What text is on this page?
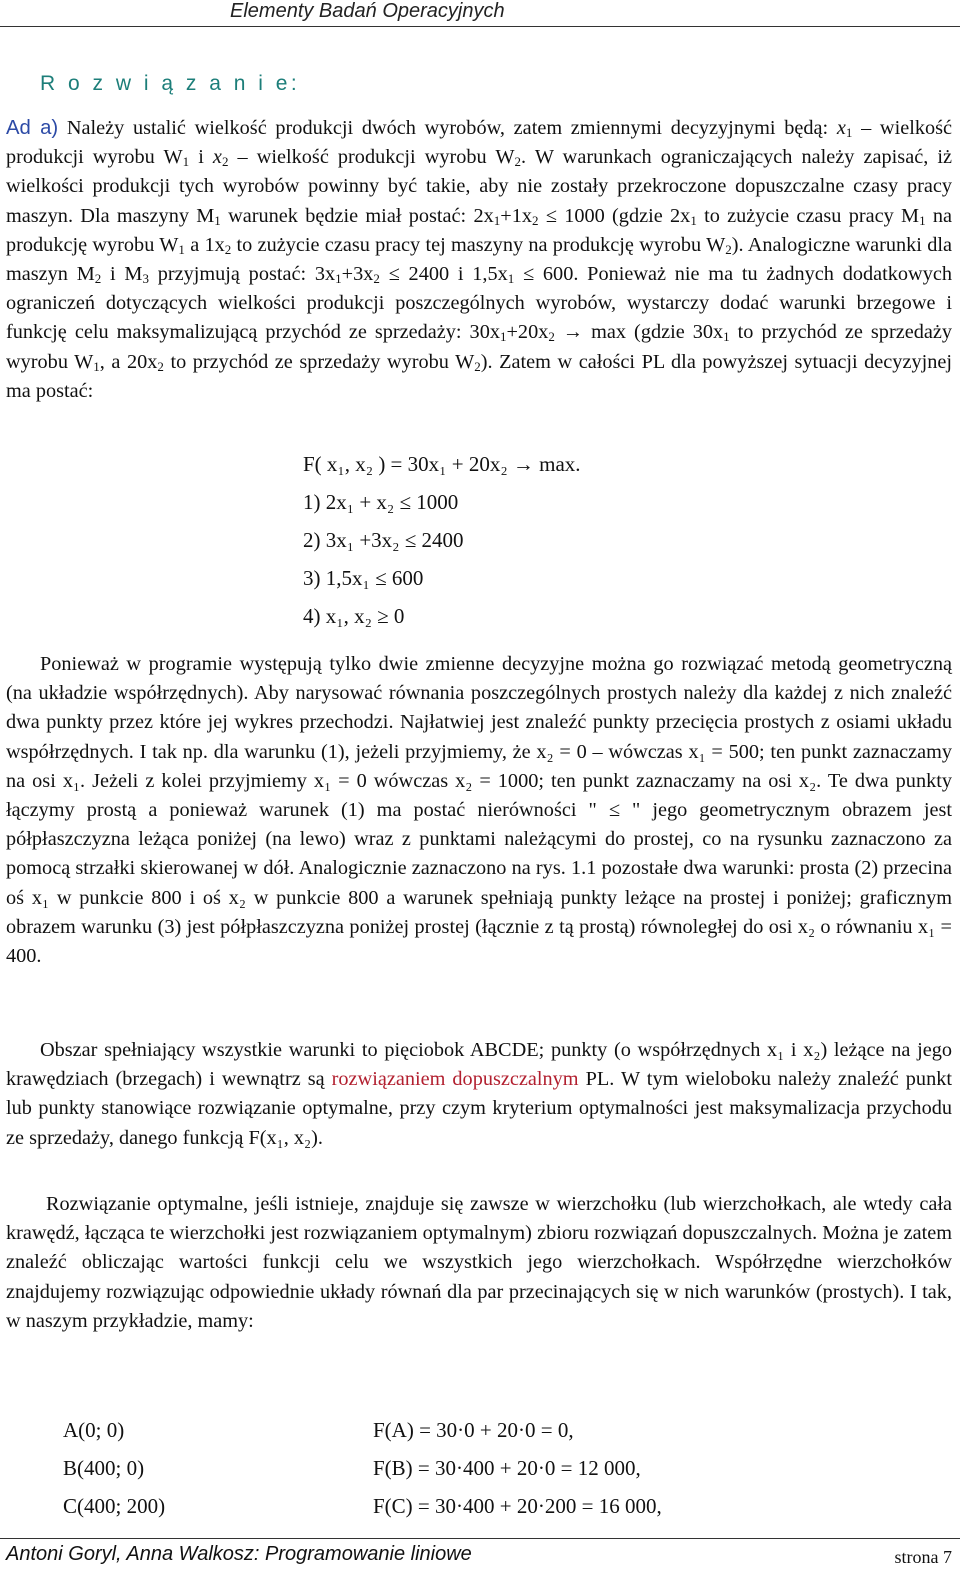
Elementy Badań Operacyjnych
R o z w i ą z a n i e:
Ad a) Należy ustalić wielkość produkcji dwóch wyrobów, zatem zmiennymi decyzyjnymi będą: $x_1$ – wielkość produkcji wyrobu $W_1$ i $x_2$ – wielkość produkcji wyrobu $W_2$. W warunkach ograniczających należy zapisać, iż wielkości produkcji tych wyrobów powinny być takie, aby nie zostały przekroczone dopuszczalne czasy pracy maszyn. Dla maszyny $M_1$ warunek będzie miał postać: $2x_1+1x_2 \le 1000$ (gdzie $2x_1$ to zużycie czasu pracy $M_1$ na produkcję wyrobu $W_1$ a $1x_2$ to zużycie czasu pracy tej maszyny na produkcję wyrobu $W_2$). Analogiczne warunki dla maszyn $M_2$ i $M_3$ przyjmują postać: $3x_1+3x_2 \le 2400$ i $1,5x_1 \le 600$. Ponieważ nie ma tu żadnych dodatkowych ograniczeń dotyczących wielkości produkcji poszczególnych wyrobów, wystarczy dodać warunki brzegowe i funkcję celu maksymalizującą przychód ze sprzedaży: $30x_1+20x_2 \to \max$ (gdzie $30x_1$ to przychód ze sprzedaży wyrobu $W_1$, a $20x_2$ to przychód ze sprzedaży wyrobu $W_2$). Zatem w całości PL dla powyższej sytuacji decyzyjnej ma postać:
F( x₁, x₂ ) = 30x₁ + 20x₂ → max.
1) 2x₁ + x₂ ≤ 1000
2) 3x₁ +3x₂ ≤ 2400
3) 1,5x₁ ≤ 600
4) x₁, x₂ ≥ 0
Ponieważ w programie występują tylko dwie zmienne decyzyjne można go rozwiązać metodą geometryczną (na układzie współrzędnych). Aby narysować równania poszczególnych prostych należy dla każdej z nich znaleźć dwa punkty przez które jej wykres przechodzi. Najłatwiej jest znaleźć punkty przecięcia prostych z osiami układu współrzędnych. I tak np. dla warunku (1), jeżeli przyjmiemy, że x₂ = 0 – wówczas x₁ = 500; ten punkt zaznaczamy na osi x₁. Jeżeli z kolei przyjmiemy x₁ = 0 wówczas x₂ = 1000; ten punkt zaznaczamy na osi x₂. Te dwa punkty łączymy prostą a ponieważ warunek (1) ma postać nierówności " ≤ " jego geometrycznym obrazem jest półpłaszczyzna leżąca poniżej (na lewo) wraz z punktami należącymi do prostej, co na rysunku zaznaczono za pomocą strzałki skierowanej w dół. Analogicznie zaznaczono na rys. 1.1 pozostałe dwa warunki: prosta (2) przecina oś x₁ w punkcie 800 i oś x₂ w punkcie 800 a warunek spełniają punkty leżące na prostej i poniżej; graficznym obrazem warunku (3) jest półpłaszczyzna poniżej prostej (łącznie z tą prostą) równoległej do osi x₂ o równaniu x₁ = 400.
Obszar spełniający wszystkie warunki to pięciobok ABCDE; punkty (o współrzędnych x₁ i x₂) leżące na jego krawędziach (brzegach) i wewnątrz są rozwiązaniem dopuszczalnym PL. W tym wieloboku należy znaleźć punkt lub punkty stanowiące rozwiązanie optymalne, przy czym kryterium optymalności jest maksymalizacja przychodu ze sprzedaży, danego funkcją F(x₁, x₂).
Rozwiązanie optymalne, jeśli istnieje, znajduje się zawsze w wierzchołku (lub wierzchołkach, ale wtedy cała krawędź, łącząca te wierzchołki jest rozwiązaniem optymalnym) zbioru rozwiązań dopuszczalnych. Można je zatem znaleźć obliczając wartości funkcji celu we wszystkich jego wierzchołkach. Współrzędne wierzchołków znajdujemy rozwiązując odpowiednie układy równań dla par przecinających się w nich warunków (prostych). I tak, w naszym przykładzie, mamy:
A(0; 0)	F(A) = 30·0 + 20·0 = 0,
B(400; 0)	F(B) = 30·400 + 20·0 = 12 000,
C(400; 200)	F(C) = 30·400 + 20·200 = 16 000,
Antoni Goryl, Anna Walkosz: Programowanie liniowe	strona 7
